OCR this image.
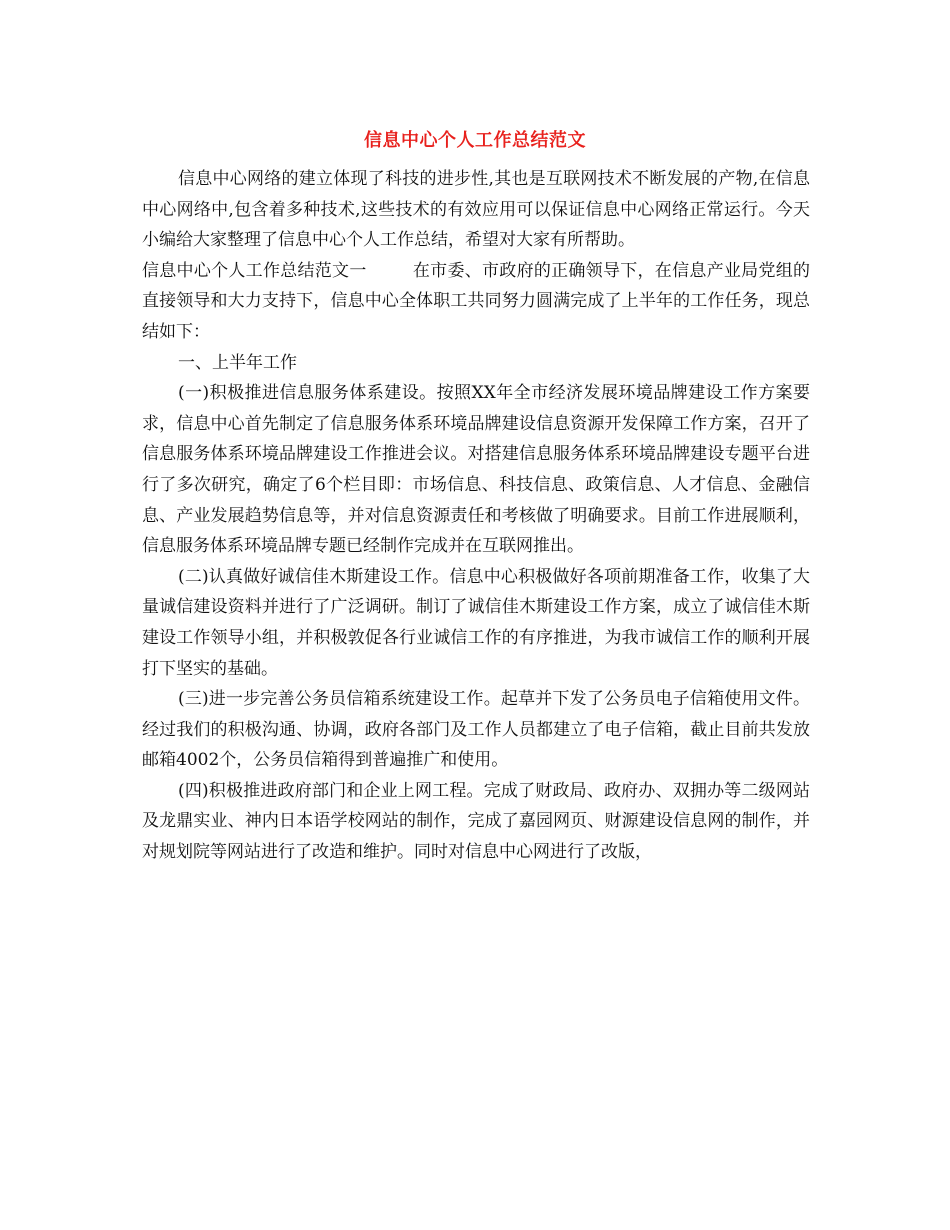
信息中心个人工作总结范文

信息中心网络的建立体现了科技的进步性,其也是互联网技术不断发展的产物,在信息中心网络中,包含着多种技术,这些技术的有效应用可以保证信息中心网络正常运行。今天小编给大家整理了信息中心个人工作总结，希望对大家有所帮助。

信息中心个人工作总结范文一	在市委、市政府的正确领导下，在信息产业局党组的直接领导和大力支持下，信息中心全体职工共同努力圆满完成了上半年的工作任务，现总结如下：

一、上半年工作

(一)积极推进信息服务体系建设。按照XX年全市经济发展环境品牌建设工作方案要求，信息中心首先制定了信息服务体系环境品牌建设信息资源开发保障工作方案，召开了信息服务体系环境品牌建设工作推进会议。对搭建信息服务体系环境品牌建设专题平台进行了多次研究，确定了6个栏目即：市场信息、科技信息、政策信息、人才信息、金融信息、产业发展趋势信息等，并对信息资源责任和考核做了明确要求。目前工作进展顺利，信息服务体系环境品牌专题已经制作完成并在互联网推出。

(二)认真做好诚信佳木斯建设工作。信息中心积极做好各项前期准备工作，收集了大量诚信建设资料并进行了广泛调研。制订了诚信佳木斯建设工作方案，成立了诚信佳木斯建设工作领导小组，并积极敦促各行业诚信工作的有序推进，为我市诚信工作的顺利开展打下坚实的基础。

(三)进一步完善公务员信箱系统建设工作。起草并下发了公务员电子信箱使用文件。经过我们的积极沟通、协调，政府各部门及工作人员都建立了电子信箱，截止目前共发放邮箱4002个，公务员信箱得到普遍推广和使用。

(四)积极推进政府部门和企业上网工程。完成了财政局、政府办、双拥办等二级网站及龙鼎实业、神内日本语学校网站的制作，完成了嘉园网页、财源建设信息网的制作，并对规划院等网站进行了改造和维护。同时对信息中心网进行了改版，
